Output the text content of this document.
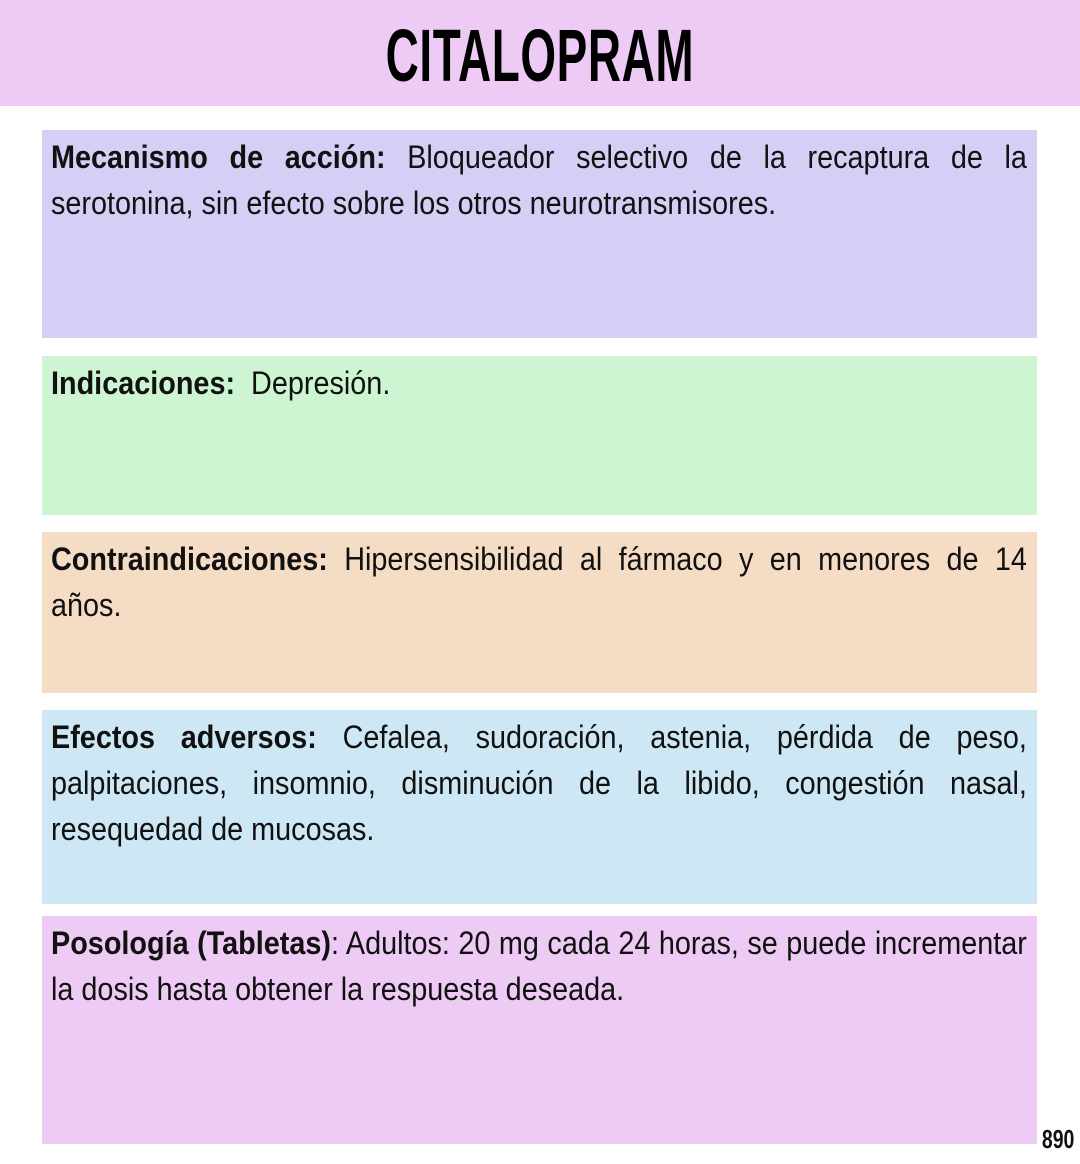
CITALOPRAM
Mecanismo de acción: Bloqueador selectivo de la recaptura de la serotonina, sin efecto sobre los otros neurotransmisores.
Indicaciones:  Depresión.
Contraindicaciones: Hipersensibilidad al fármaco y en menores de 14 años.
Efectos adversos: Cefalea, sudoración, astenia, pérdida de peso, palpitaciones, insomnio, disminución de la libido, congestión nasal, resequedad de mucosas.
Posología (Tabletas): Adultos: 20 mg cada 24 horas, se puede incrementar la dosis hasta obtener la respuesta deseada.
890
